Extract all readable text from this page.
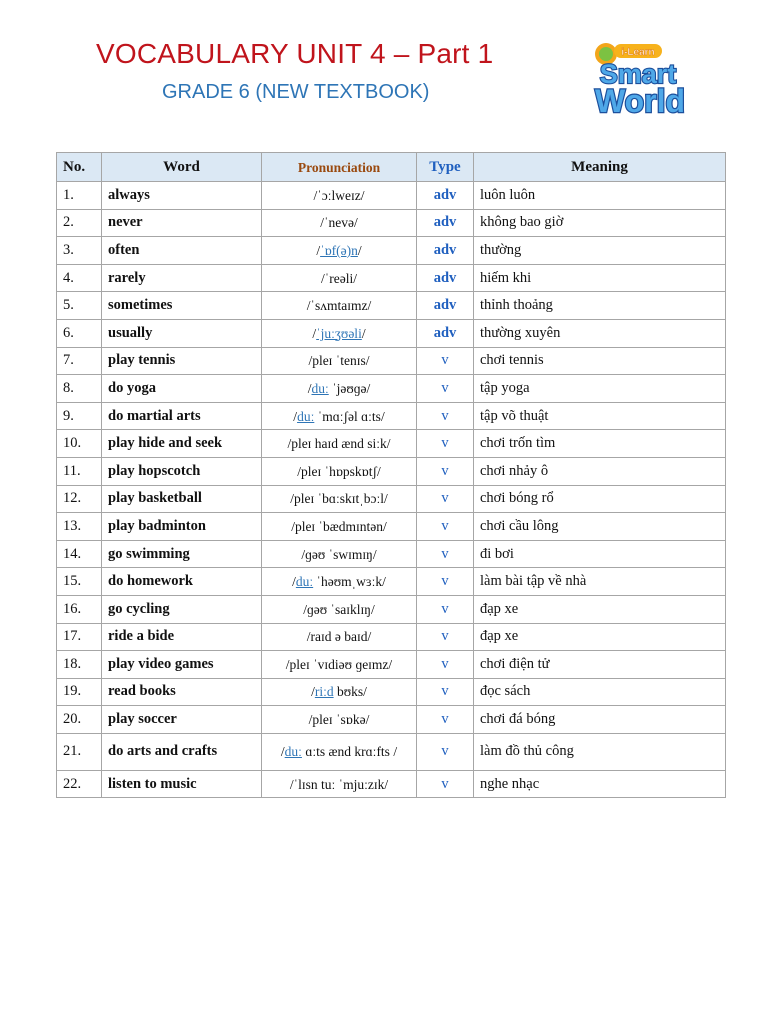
VOCABULARY UNIT 4 – Part 1
GRADE 6 (NEW TEXTBOOK)
i-Learn
Smart
World
No.	Word	Pronunciation	Type	Meaning
1.	always	/ˈɔːlweɪz/	adv	luôn luôn
2.	never	/ˈnevə/	adv	không bao giờ
3.	often	/ˈɒf(ə)n/	adv	thường
4.	rarely	/ˈreəli/	adv	hiếm khi
5.	sometimes	/ˈsʌmtaɪmz/	adv	thỉnh thoảng
6.	usually	/ˈjuːʒʊəli/	adv	thường xuyên
7.	play tennis	/pleɪ ˈtenɪs/	v	chơi tennis
8.	do yoga	/duː ˈjəʊɡə/	v	tập yoga
9.	do martial arts	/duː ˈmɑːʃəl ɑːts/	v	tập võ thuật
10.	play hide and seek	/pleɪ haɪd ænd siːk/	v	chơi trốn tìm
11.	play hopscotch	/pleɪ ˈhɒpskɒtʃ/	v	chơi nhảy ô
12.	play basketball	/pleɪ ˈbɑːskɪtˌbɔːl/	v	chơi bóng rổ
13.	play badminton	/pleɪ ˈbædmɪntən/	v	chơi cầu lông
14.	go swimming	/ɡəʊ ˈswɪmɪŋ/	v	đi bơi
15.	do homework	/duː ˈhəʊmˌwɜːk/	v	làm bài tập về nhà
16.	go cycling	/ɡəʊ ˈsaɪklɪŋ/	v	đạp xe
17.	ride a bide	/raɪd ə baɪd/	v	đạp xe
18.	play video games	/pleɪ ˈvɪdiəʊ ɡeɪmz/	v	chơi điện tử
19.	read books	/riːd bʊks/	v	đọc sách
20.	play soccer	/pleɪ ˈsɒkə/	v	chơi đá bóng
21.	do arts and crafts	/duː ɑːts ænd krɑːfts /	v	làm đồ thủ công
22.	listen to music	/ˈlɪsn tuː ˈmjuːzɪk/	v	nghe nhạc
